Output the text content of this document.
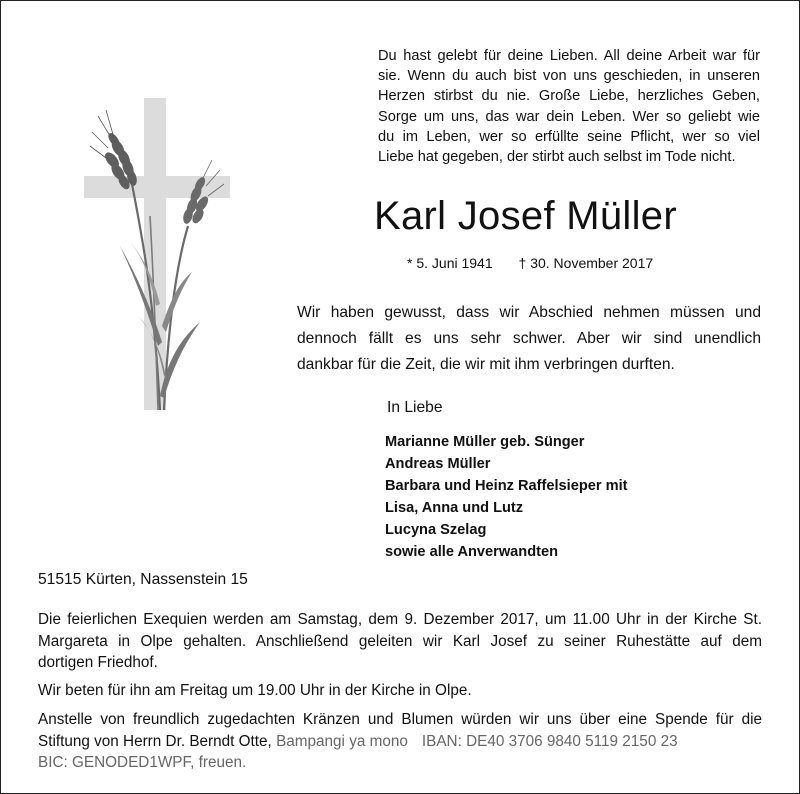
Du hast gelebt für deine Lieben. All deine Arbeit war für
sie. Wenn du auch bist von uns geschieden, in unseren
Herzen stirbst du nie. Große Liebe, herzliches Geben,
Sorge um uns, das war dein Leben. Wer so geliebt wie
du im Leben, wer so erfüllte seine Pflicht, wer so viel
Liebe hat gegeben, der stirbt auch selbst im Tode nicht.
Karl Josef Müller
* 5. Juni 1941 † 30. November 2017
Wir haben gewusst, dass wir Abschied nehmen müssen und
dennoch fällt es uns sehr schwer. Aber wir sind unendlich
dankbar für die Zeit, die wir mit ihm verbringen durften.
In Liebe
Marianne Müller geb. Sünger
Andreas Müller
Barbara und Heinz Raffelsieper mit
Lisa, Anna und Lutz
Lucyna Szelag
sowie alle Anverwandten
51515 Kürten, Nassenstein 15
Die feierlichen Exequien werden am Samstag, dem 9. Dezember 2017, um 11.00 Uhr in der Kirche St.
Margareta in Olpe gehalten. Anschließend geleiten wir Karl Josef zu seiner Ruhestätte auf dem
dortigen Friedhof.
Wir beten für ihn am Freitag um 19.00 Uhr in der Kirche in Olpe.
Anstelle von freundlich zugedachten Kränzen und Blumen würden wir uns über eine Spende für die
Stiftung von Herrn Dr. Berndt Otte, Bampangi ya mono IBAN: DE40 3706 9840 5119 2150 23
BIC: GENODED1WPF, freuen.
